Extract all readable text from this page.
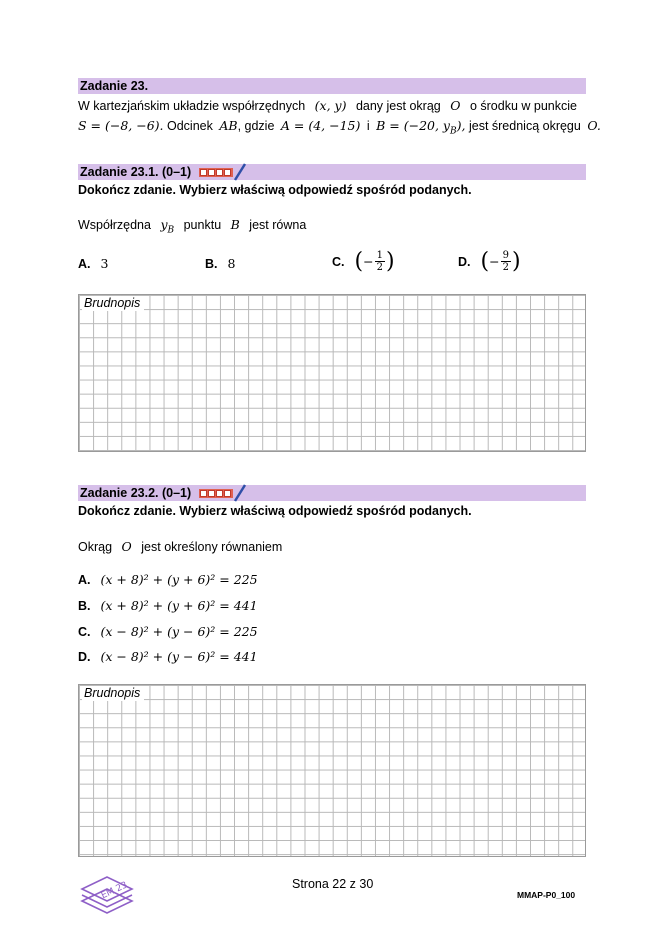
Zadanie 23.
W kartezjańskim układzie współrzędnych (x, y) dany jest okrąg O o środku w punkcie
S = (−8, −6). Odcinek AB, gdzie A = (4, −15) i B = (−20, $y_B$), jest średnicą okręgu O.
Zadanie 23.1. (0–1)
Dokończ zdanie. Wybierz właściwą odpowiedź spośród podanych.
Współrzędna $y_B$ punktu B jest równa
A. 3	B. 8	C. ( − $\frac{1}{2}$ )	D. ( − $\frac{9}{2}$ )
Brudnopis
Zadanie 23.2. (0–1)
Dokończ zdanie. Wybierz właściwą odpowiedź spośród podanych.
Okrąg O jest określony równaniem
A. (x + 8)² + (y + 6)² = 225
B. (x + 8)² + (y + 6)² = 441
C. (x − 8)² + (y − 6)² = 225
D. (x − 8)² + (y − 6)² = 441
Brudnopis
EM 23	Strona 22 z 30
MMAP-P0_100
